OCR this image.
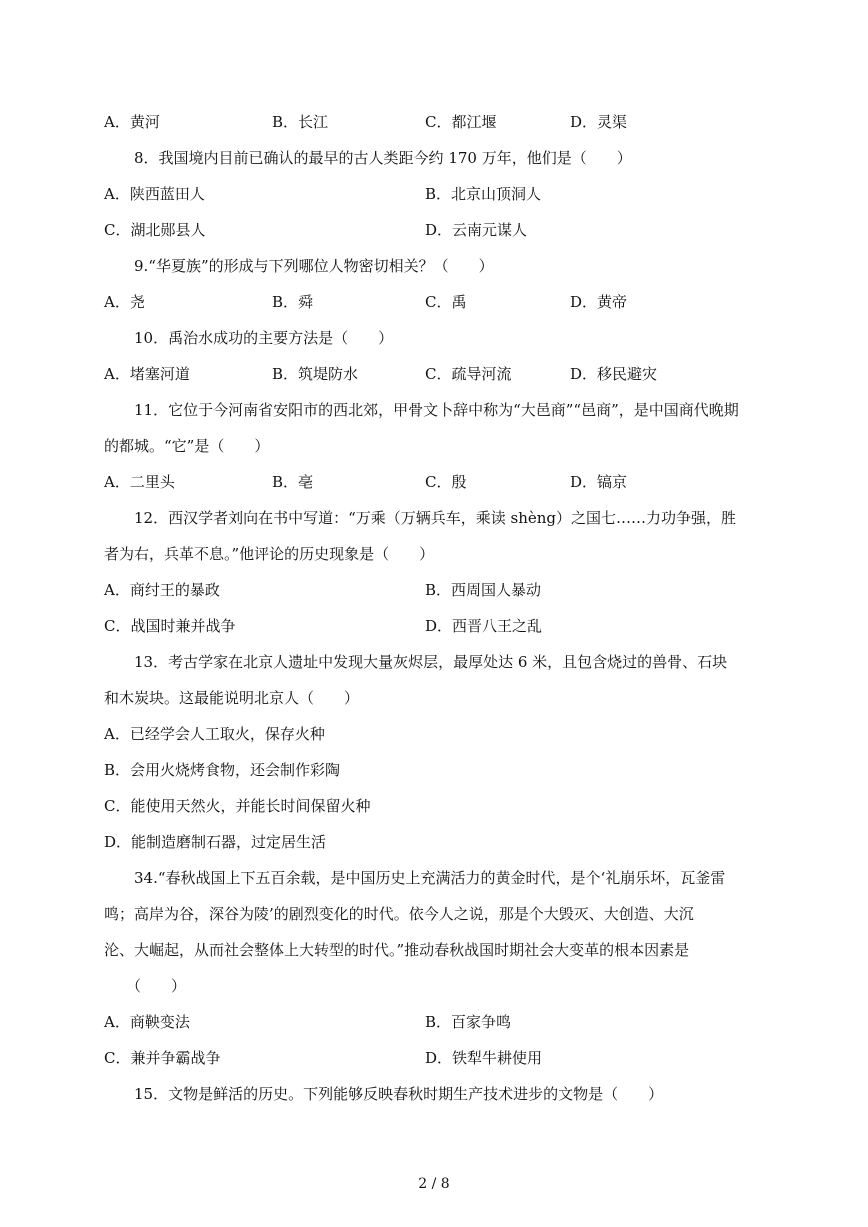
A．黄河	B．长江	C．都江堰	D．灵渠
8．我国境内目前已确认的最早的古人类距今约 170 万年，他们是（　　）
A．陕西蓝田人	B．北京山顶洞人
C．湖北郧县人	D．云南元谋人
9.“华夏族”的形成与下列哪位人物密切相关？（　　）
A．尧	B．舜	C．禹	D．黄帝
10．禹治水成功的主要方法是（　　）
A．堵塞河道	B．筑堤防水	C．疏导河流	D．移民避灾
11．它位于今河南省安阳市的西北郊，甲骨文卜辞中称为“大邑商”“邑商”，是中国商代晚期
的都城。“它”是（　　）
A．二里头	B．亳	C．殷	D．镐京
12．西汉学者刘向在书中写道：“万乘（万辆兵车，乘读 shèng）之国七……力功争强，胜
者为右，兵革不息。”他评论的历史现象是（　　）
A．商纣王的暴政	B．西周国人暴动
C．战国时兼并战争	D．西晋八王之乱
13．考古学家在北京人遗址中发现大量灰烬层，最厚处达 6 米，且包含烧过的兽骨、石块
和木炭块。这最能说明北京人（　　）
A．已经学会人工取火，保存火种
B．会用火烧烤食物，还会制作彩陶
C．能使用天然火，并能长时间保留火种
D．能制造磨制石器，过定居生活
34.“春秋战国上下五百余载，是中国历史上充满活力的黄金时代，是个‘礼崩乐坏，瓦釜雷
鸣；高岸为谷，深谷为陵’的剧烈变化的时代。依今人之说，那是个大毁灭、大创造、大沉
沦、大崛起，从而社会整体上大转型的时代。”推动春秋战国时期社会大变革的根本因素是
（　　）
A．商鞅变法	B．百家争鸣
C．兼并争霸战争	D．铁犁牛耕使用
15．文物是鲜活的历史。下列能够反映春秋时期生产技术进步的文物是（　　）
2 / 8
